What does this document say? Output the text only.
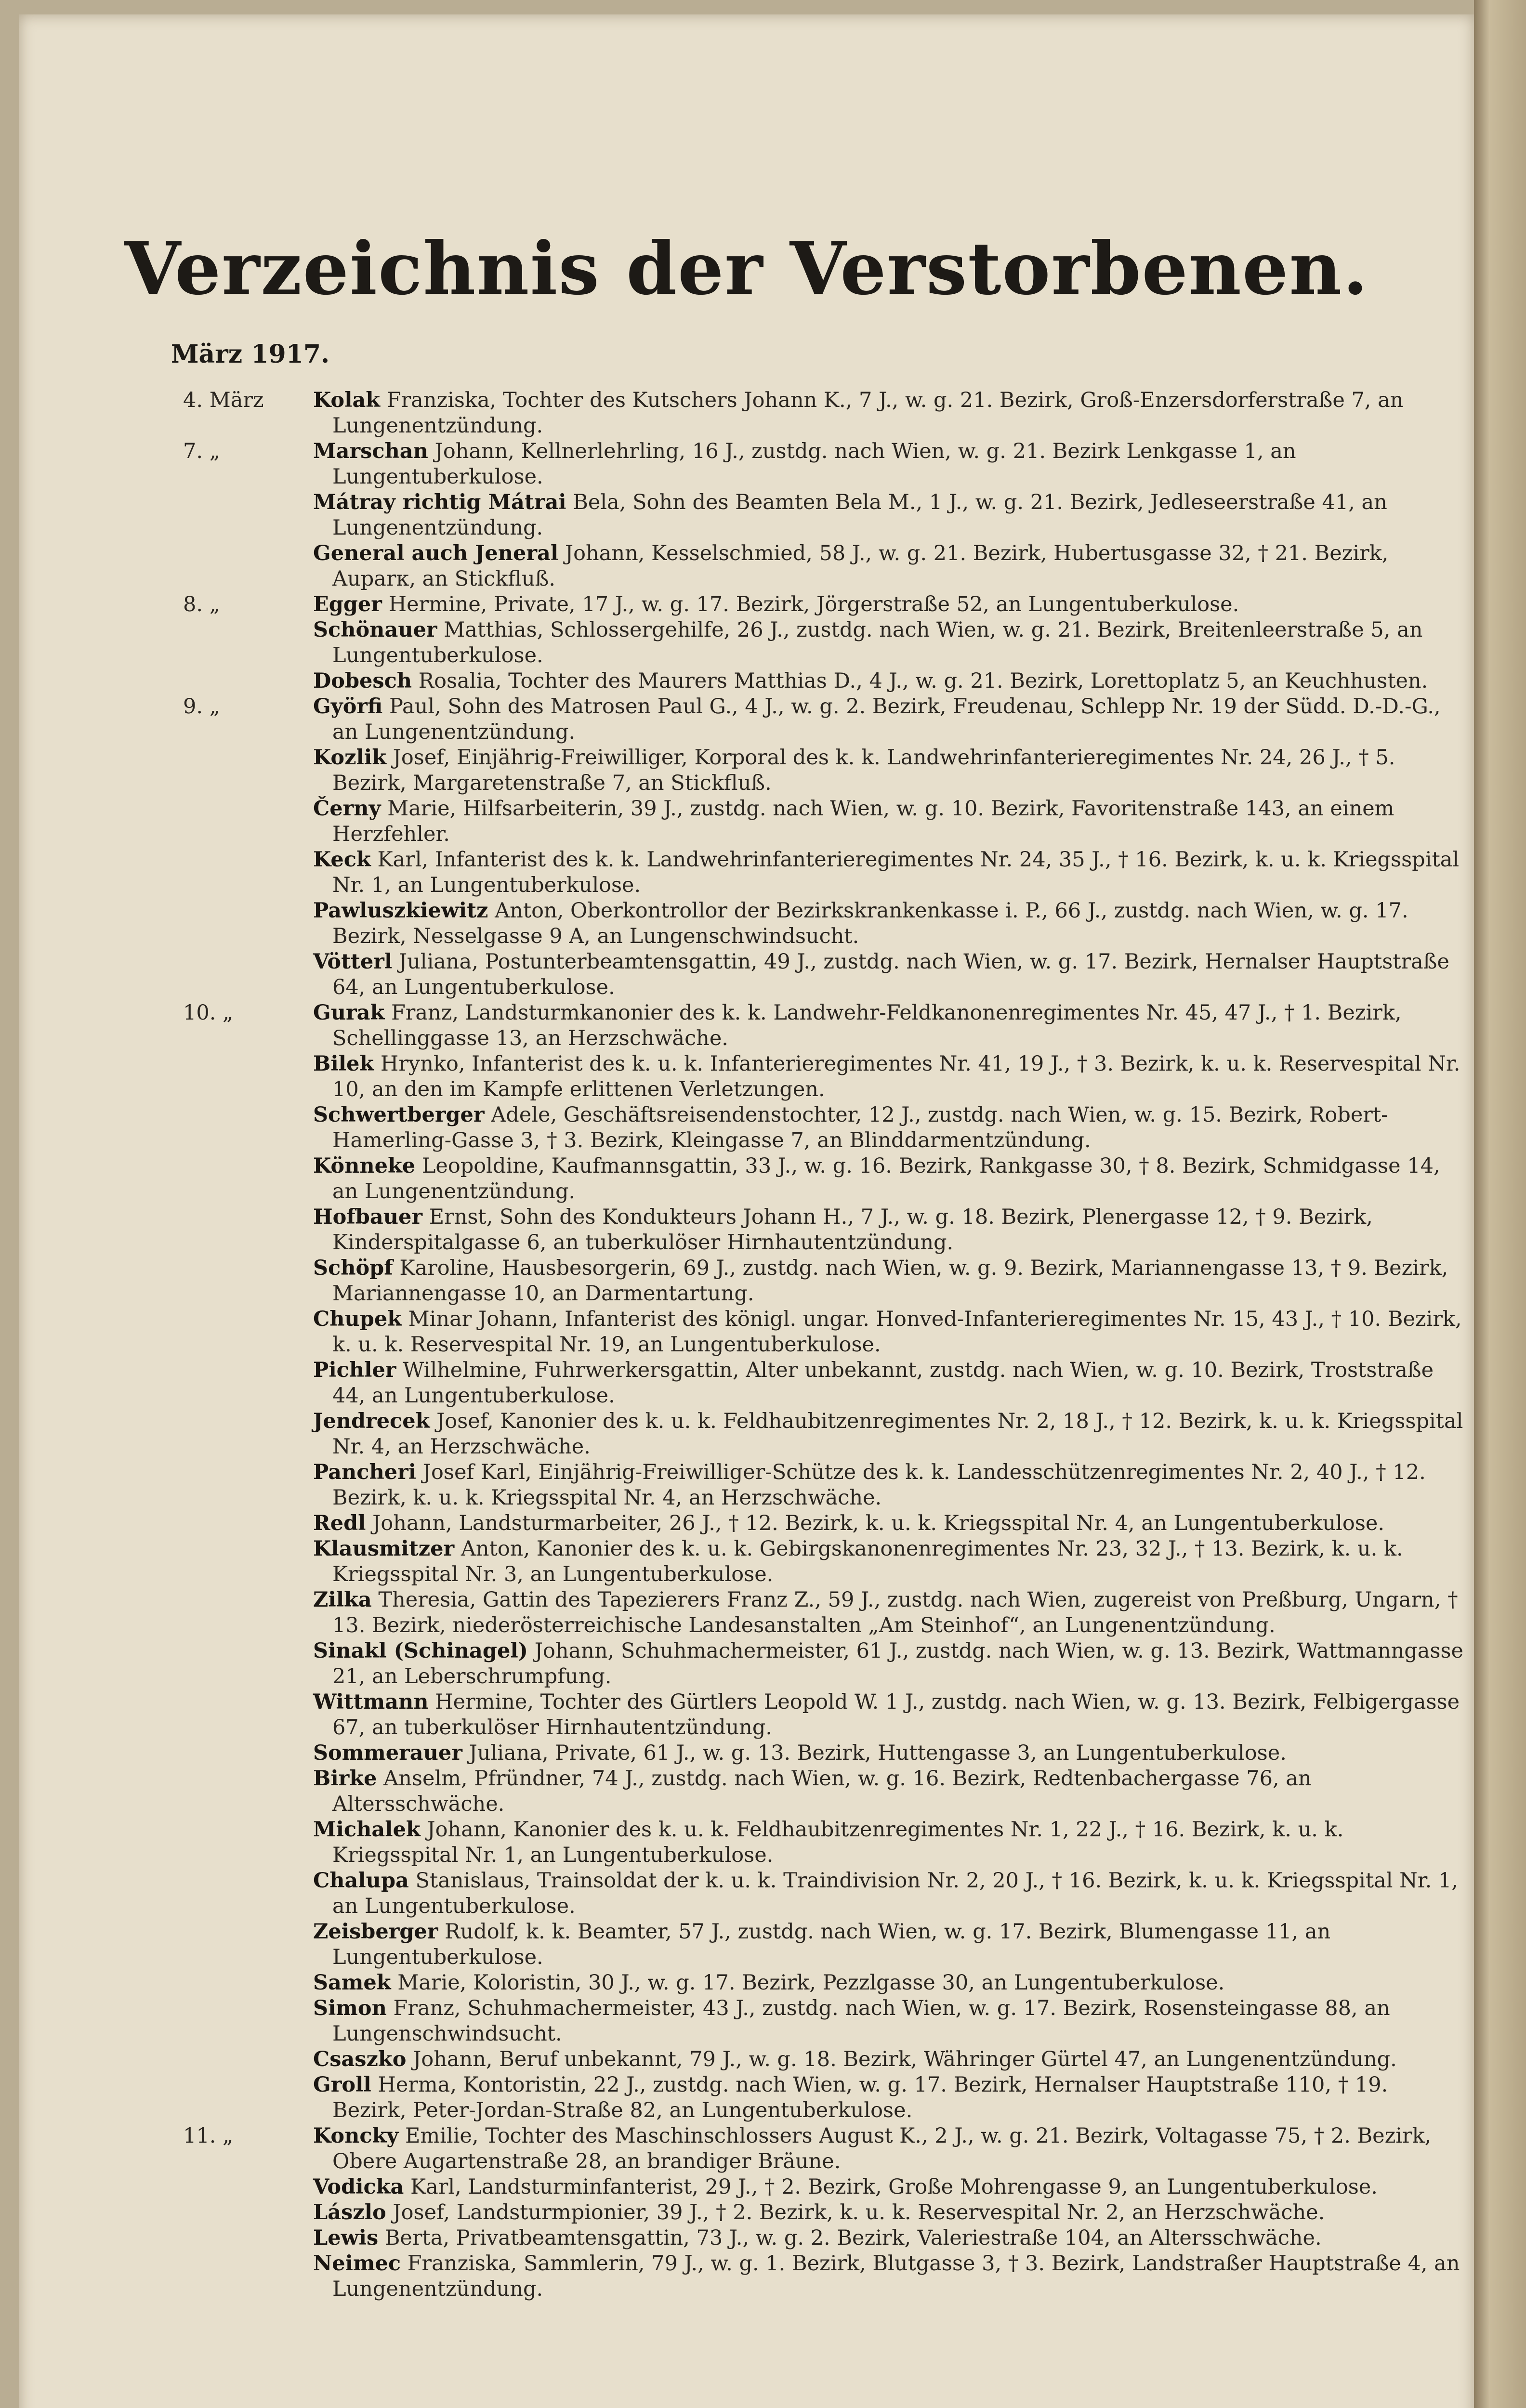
Verzeichnis der Verstorbenen.
März 1917.
4. März	Kolak Franziska, Tochter des Kutschers Johann K., 7 J., w. g. 21. Bezirk, Groß-Enzersdorferstraße 7, an Lungenentzündung.
7. „	Marschan Johann, Kellnerlehrling, 16 J., zustdg. nach Wien, w. g. 21. Bezirk Lenkgasse 1, an Lungentuberkulose.
Mátray richtig Mátrai Bela, Sohn des Beamten Bela M., 1 J., w. g. 21. Bezirk, Jedleseerstraße 41, an Lungenentzündung.
General auch Jeneral Johann, Kesselschmied, 58 J., w. g. 21. Bezirk, Hubertusgasse 32, † 21. Bezirk, Auparк, an Stickfluß.
8. „	Egger Hermine, Private, 17 J., w. g. 17. Bezirk, Jörgerstraße 52, an Lungentuberkulose.
Schönauer Matthias, Schlossergehilfe, 26 J., zustdg. nach Wien, w. g. 21. Bezirk, Breitenleerstraße 5, an Lungentuberkulose.
Dobesch Rosalia, Tochter des Maurers Matthias D., 4 J., w. g. 21. Bezirk, Lorettoplatz 5, an Keuchhusten.
9. „	Györfi Paul, Sohn des Matrosen Paul G., 4 J., w. g. 2. Bezirk, Freudenau, Schlepp Nr. 19 der Südd. D.-D.-G., an Lungenentzündung.
Kozlik Josef, Einjährig-Freiwilliger, Korporal des k. k. Landwehrinfanterieregimentes Nr. 24, 26 J., † 5. Bezirk, Margaretenstraße 7, an Stickfluß.
Černy Marie, Hilfsarbeiterin, 39 J., zustdg. nach Wien, w. g. 10. Bezirk, Favoritenstraße 143, an einem Herzfehler.
Keck Karl, Infanterist des k. k. Landwehrinfanterieregimentes Nr. 24, 35 J., † 16. Bezirk, k. u. k. Kriegsspital Nr. 1, an Lungentuberkulose.
Pawluszkiewitz Anton, Oberkontrollor der Bezirkskrankenkasse i. P., 66 J., zustdg. nach Wien, w. g. 17. Bezirk, Nesselgasse 9 A, an Lungenschwindsucht.
Vötterl Juliana, Postunterbeamtensgattin, 49 J., zustdg. nach Wien, w. g. 17. Bezirk, Hernalser Hauptstraße 64, an Lungentuberkulose.
10. „	Gurak Franz, Landsturmkanonier des k. k. Landwehr-Feldkanonenregimentes Nr. 45, 47 J., † 1. Bezirk, Schellinggasse 13, an Herzschwäche.
Bilek Hrynko, Infanterist des k. u. k. Infanterieregimentes Nr. 41, 19 J., † 3. Bezirk, k. u. k. Reservespital Nr. 10, an den im Kampfe erlittenen Verletzungen.
Schwertberger Adele, Geschäftsreisendenstochter, 12 J., zustdg. nach Wien, w. g. 15. Bezirk, Robert-Hamerling-Gasse 3, † 3. Bezirk, Kleingasse 7, an Blinddarmentzündung.
Könneke Leopoldine, Kaufmannsgattin, 33 J., w. g. 16. Bezirk, Rankgasse 30, † 8. Bezirk, Schmidgasse 14, an Lungenentzündung.
Hofbauer Ernst, Sohn des Kondukteurs Johann H., 7 J., w. g. 18. Bezirk, Plenergasse 12, † 9. Bezirk, Kinderspitalgasse 6, an tuberkulöser Hirnhautentzündung.
Schöpf Karoline, Hausbesorgerin, 69 J., zustdg. nach Wien, w. g. 9. Bezirk, Mariannengasse 13, † 9. Bezirk, Mariannengasse 10, an Darmentartung.
Chupek Minar Johann, Infanterist des königl. ungar. Honved-Infanterieregimentes Nr. 15, 43 J., † 10. Bezirk, k. u. k. Reservespital Nr. 19, an Lungentuberkulose.
Pichler Wilhelmine, Fuhrwerkersgattin, Alter unbekannt, zustdg. nach Wien, w. g. 10. Bezirk, Troststraße 44, an Lungentuberkulose.
Jendrecek Josef, Kanonier des k. u. k. Feldhaubitzenregimentes Nr. 2, 18 J., † 12. Bezirk, k. u. k. Kriegsspital Nr. 4, an Herzschwäche.
Pancheri Josef Karl, Einjährig-Freiwilliger-Schütze des k. k. Landesschützenregimentes Nr. 2, 40 J., † 12. Bezirk, k. u. k. Kriegsspital Nr. 4, an Herzschwäche.
Redl Johann, Landsturmarbeiter, 26 J., † 12. Bezirk, k. u. k. Kriegsspital Nr. 4, an Lungentuberkulose.
Klausmitzer Anton, Kanonier des k. u. k. Gebirgskanonenregimentes Nr. 23, 32 J., † 13. Bezirk, k. u. k. Kriegsspital Nr. 3, an Lungentuberkulose.
Zilka Theresia, Gattin des Tapezierers Franz Z., 59 J., zustdg. nach Wien, zugereist von Preßburg, Ungarn, † 13. Bezirk, niederösterreichische Landesanstalten „Am Steinhof“, an Lungenentzündung.
Sinakl (Schinagel) Johann, Schuhmachermeister, 61 J., zustdg. nach Wien, w. g. 13. Bezirk, Wattmanngasse 21, an Leberschrumpfung.
Wittmann Hermine, Tochter des Gürtlers Leopold W. 1 J., zustdg. nach Wien, w. g. 13. Bezirk, Felbigergasse 67, an tuberkulöser Hirnhautentzündung.
Sommerauer Juliana, Private, 61 J., w. g. 13. Bezirk, Huttengasse 3, an Lungentuberkulose.
Birke Anselm, Pfründner, 74 J., zustdg. nach Wien, w. g. 16. Bezirk, Redtenbachergasse 76, an Altersschwäche.
Michalek Johann, Kanonier des k. u. k. Feldhaubitzenregimentes Nr. 1, 22 J., † 16. Bezirk, k. u. k. Kriegsspital Nr. 1, an Lungentuberkulose.
Chalupa Stanislaus, Trainsoldat der k. u. k. Traindivision Nr. 2, 20 J., † 16. Bezirk, k. u. k. Kriegsspital Nr. 1, an Lungentuberkulose.
Zeisberger Rudolf, k. k. Beamter, 57 J., zustdg. nach Wien, w. g. 17. Bezirk, Blumengasse 11, an Lungentuberkulose.
Samek Marie, Koloristin, 30 J., w. g. 17. Bezirk, Pezzlgasse 30, an Lungentuberkulose.
Simon Franz, Schuhmachermeister, 43 J., zustdg. nach Wien, w. g. 17. Bezirk, Rosensteingasse 88, an Lungenschwindsucht.
Csaszko Johann, Beruf unbekannt, 79 J., w. g. 18. Bezirk, Währinger Gürtel 47, an Lungenentzündung.
Groll Herma, Kontoristin, 22 J., zustdg. nach Wien, w. g. 17. Bezirk, Hernalser Hauptstraße 110, † 19. Bezirk, Peter-Jordan-Straße 82, an Lungentuberkulose.
11. „	Koncky Emilie, Tochter des Maschinschlossers August K., 2 J., w. g. 21. Bezirk, Voltagasse 75, † 2. Bezirk, Obere Augartenstraße 28, an brandiger Bräune.
Vodicka Karl, Landsturminfanterist, 29 J., † 2. Bezirk, Große Mohrengasse 9, an Lungentuberkulose.
Lászlo Josef, Landsturmpionier, 39 J., † 2. Bezirk, k. u. k. Reservespital Nr. 2, an Herzschwäche.
Lewis Berta, Privatbeamtensgattin, 73 J., w. g. 2. Bezirk, Valeriestraße 104, an Altersschwäche.
Neimec Franziska, Sammlerin, 79 J., w. g. 1. Bezirk, Blutgasse 3, † 3. Bezirk, Landstraßer Hauptstraße 4, an Lungenentzündung.
